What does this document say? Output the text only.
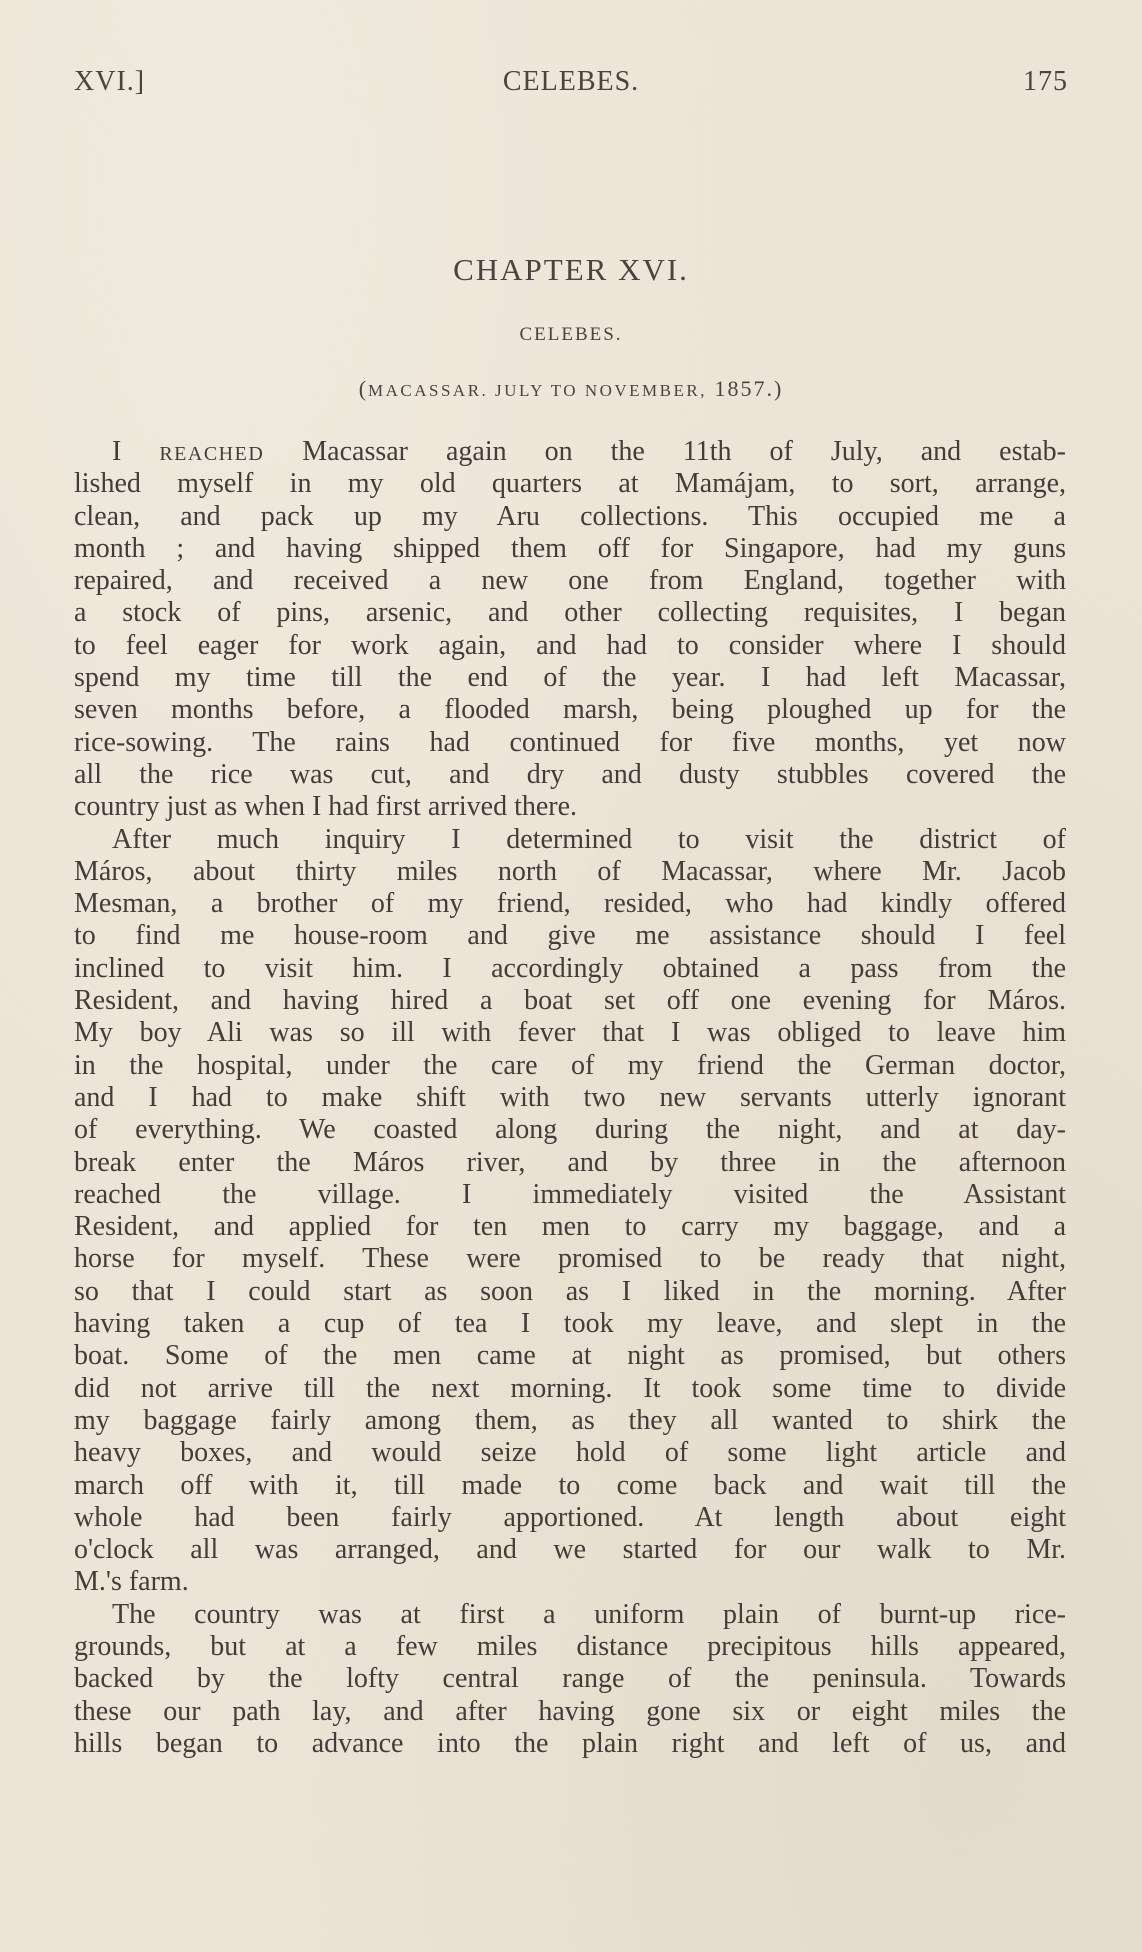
XVI.]	CELEBES.	175
CHAPTER XVI.
CELEBES.
(MACASSAR. JULY TO NOVEMBER, 1857.)
I REACHED Macassar again on the 11th of July, and estab-
lished myself in my old quarters at Mamájam, to sort, arrange,
clean, and pack up my Aru collections. This occupied me a
month ; and having shipped them off for Singapore, had my guns
repaired, and received a new one from England, together with
a stock of pins, arsenic, and other collecting requisites, I began
to feel eager for work again, and had to consider where I should
spend my time till the end of the year. I had left Macassar,
seven months before, a flooded marsh, being ploughed up for the
rice-sowing. The rains had continued for five months, yet now
all the rice was cut, and dry and dusty stubbles covered the
country just as when I had first arrived there.
After much inquiry I determined to visit the district of
Máros, about thirty miles north of Macassar, where Mr. Jacob
Mesman, a brother of my friend, resided, who had kindly offered
to find me house-room and give me assistance should I feel
inclined to visit him. I accordingly obtained a pass from the
Resident, and having hired a boat set off one evening for Máros.
My boy Ali was so ill with fever that I was obliged to leave him
in the hospital, under the care of my friend the German doctor,
and I had to make shift with two new servants utterly ignorant
of everything. We coasted along during the night, and at day-
break enter the Máros river, and by three in the afternoon
reached the village. I immediately visited the Assistant
Resident, and applied for ten men to carry my baggage, and a
horse for myself. These were promised to be ready that night,
so that I could start as soon as I liked in the morning. After
having taken a cup of tea I took my leave, and slept in the
boat. Some of the men came at night as promised, but others
did not arrive till the next morning. It took some time to divide
my baggage fairly among them, as they all wanted to shirk the
heavy boxes, and would seize hold of some light article and
march off with it, till made to come back and wait till the
whole had been fairly apportioned. At length about eight
o'clock all was arranged, and we started for our walk to Mr.
M.'s farm.
The country was at first a uniform plain of burnt-up rice-
grounds, but at a few miles distance precipitous hills appeared,
backed by the lofty central range of the peninsula. Towards
these our path lay, and after having gone six or eight miles the
hills began to advance into the plain right and left of us, and
